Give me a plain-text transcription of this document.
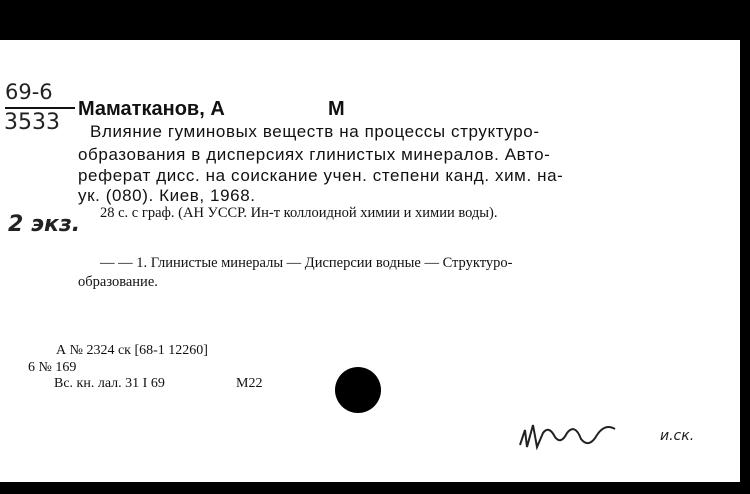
69-6
3533
Маматканов, А	М
Влияние гуминовых веществ на процессы структуро-
образования в дисперсиях глинистых минералов. Авто-
реферат дисс. на соискание учен. степени канд. хим. на-
ук. (080). Киев, 1968.
2 экз. 28 с. с граф. (АН УССР. Ин-т коллоидной химии и химии воды).
— — 1. Глинистые минералы — Дисперсии водные — Структуро-
образование.
А № 2324 ск [68-1 12260]
6 № 169
Вс. кн. лал. 31 I 69	М22
и.ск.
